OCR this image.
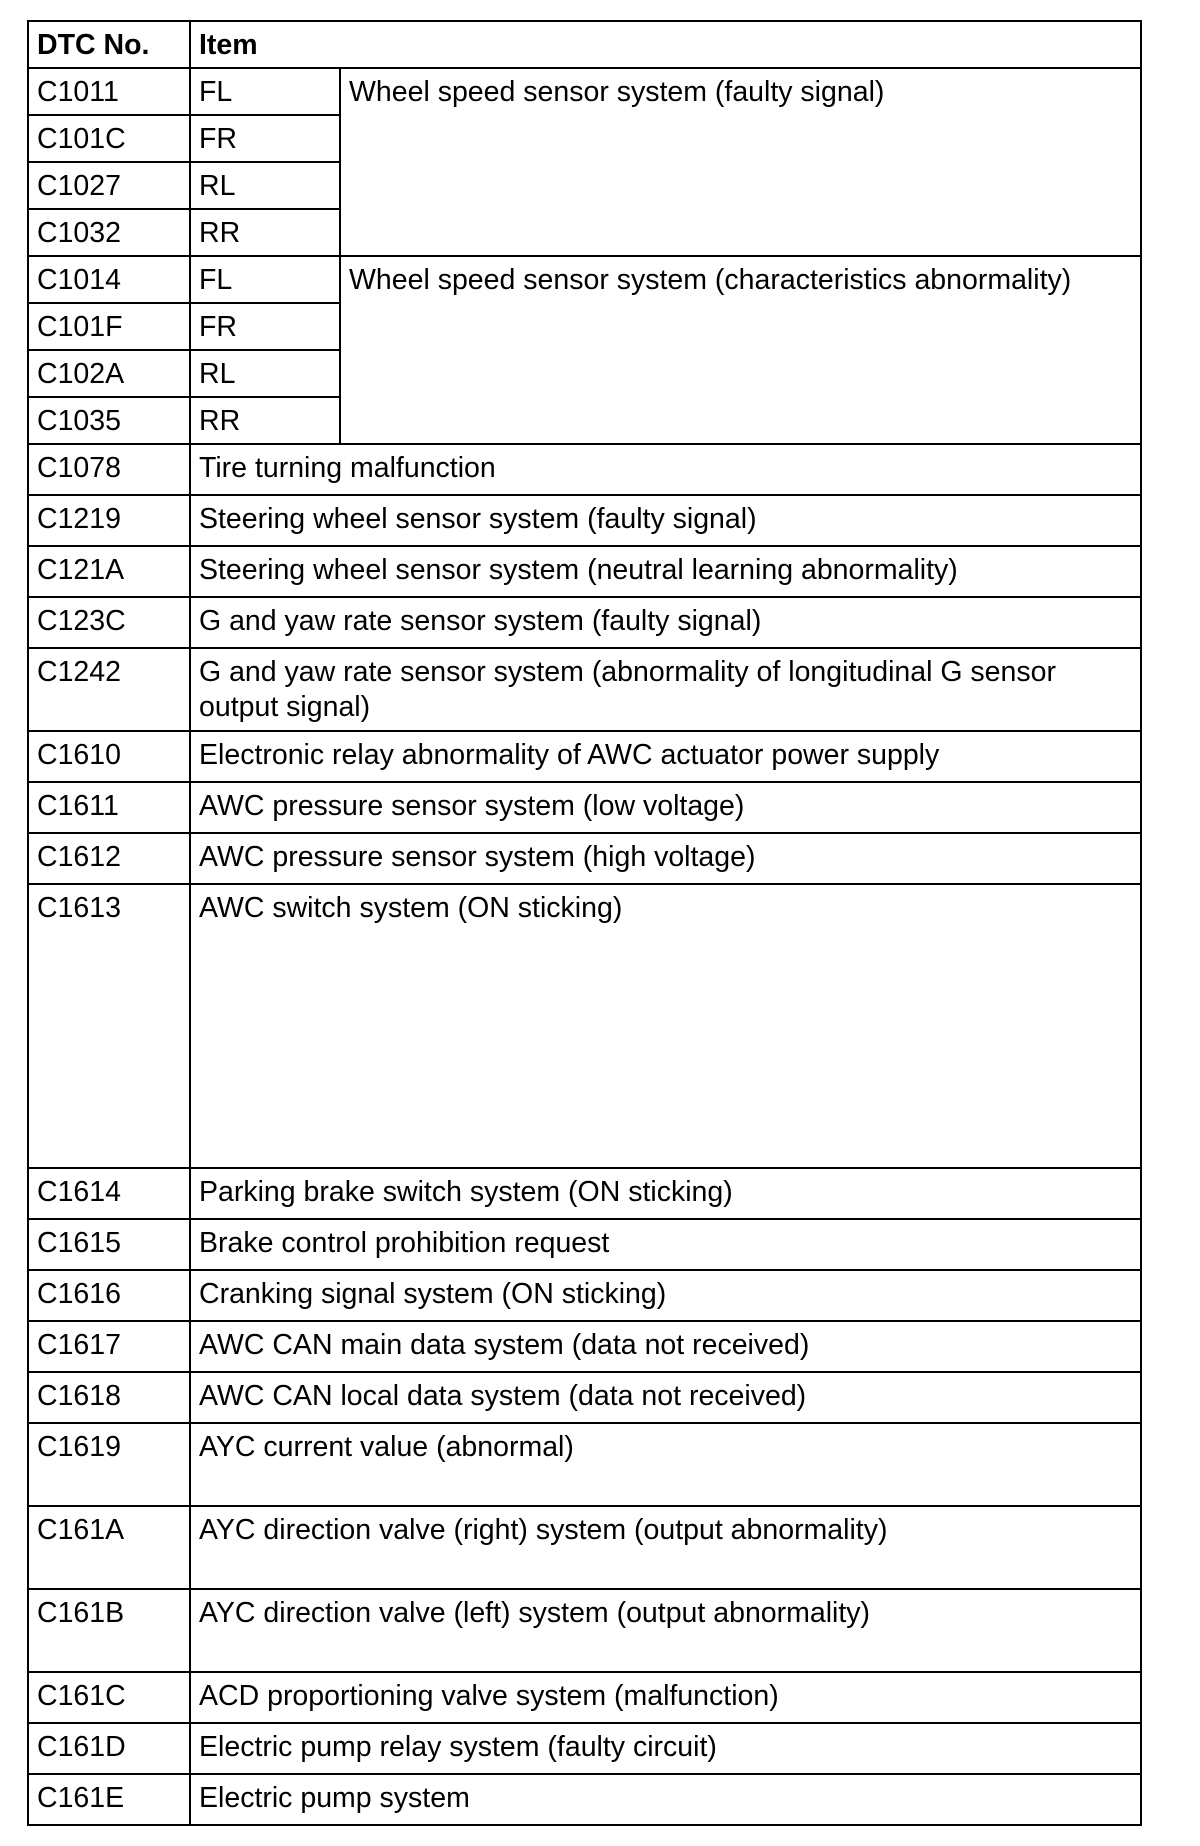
DTC No.	Item	
C1011	FL	Wheel speed sensor system (faulty signal)
C101C	FR	
C1027	RL	
C1032	RR	
C1014	FL	Wheel speed sensor system (characteristics abnormality)
C101F	FR	
C102A	RL	
C1035	RR	
C1078	Tire turning malfunction	
C1219	Steering wheel sensor system (faulty signal)	
C121A	Steering wheel sensor system (neutral learning abnormality)	
C123C	G and yaw rate sensor system (faulty signal)	
C1242	G and yaw rate sensor system (abnormality of longitudinal G sensor output signal)	
C1610	Electronic relay abnormality of AWC actuator power supply	
C1611	AWC pressure sensor system (low voltage)	
C1612	AWC pressure sensor system (high voltage)	
C1613	AWC switch system (ON sticking)	
C1614	Parking brake switch system (ON sticking)	
C1615	Brake control prohibition request	
C1616	Cranking signal system (ON sticking)	
C1617	AWC CAN main data system (data not received)	
C1618	AWC CAN local data system (data not received)	
C1619	AYC current value (abnormal)	
C161A	AYC direction valve (right) system (output abnormality)	
C161B	AYC direction valve (left) system (output abnormality)	
C161C	ACD proportioning valve system (malfunction)	
C161D	Electric pump relay system (faulty circuit)	
C161E	Electric pump system	
